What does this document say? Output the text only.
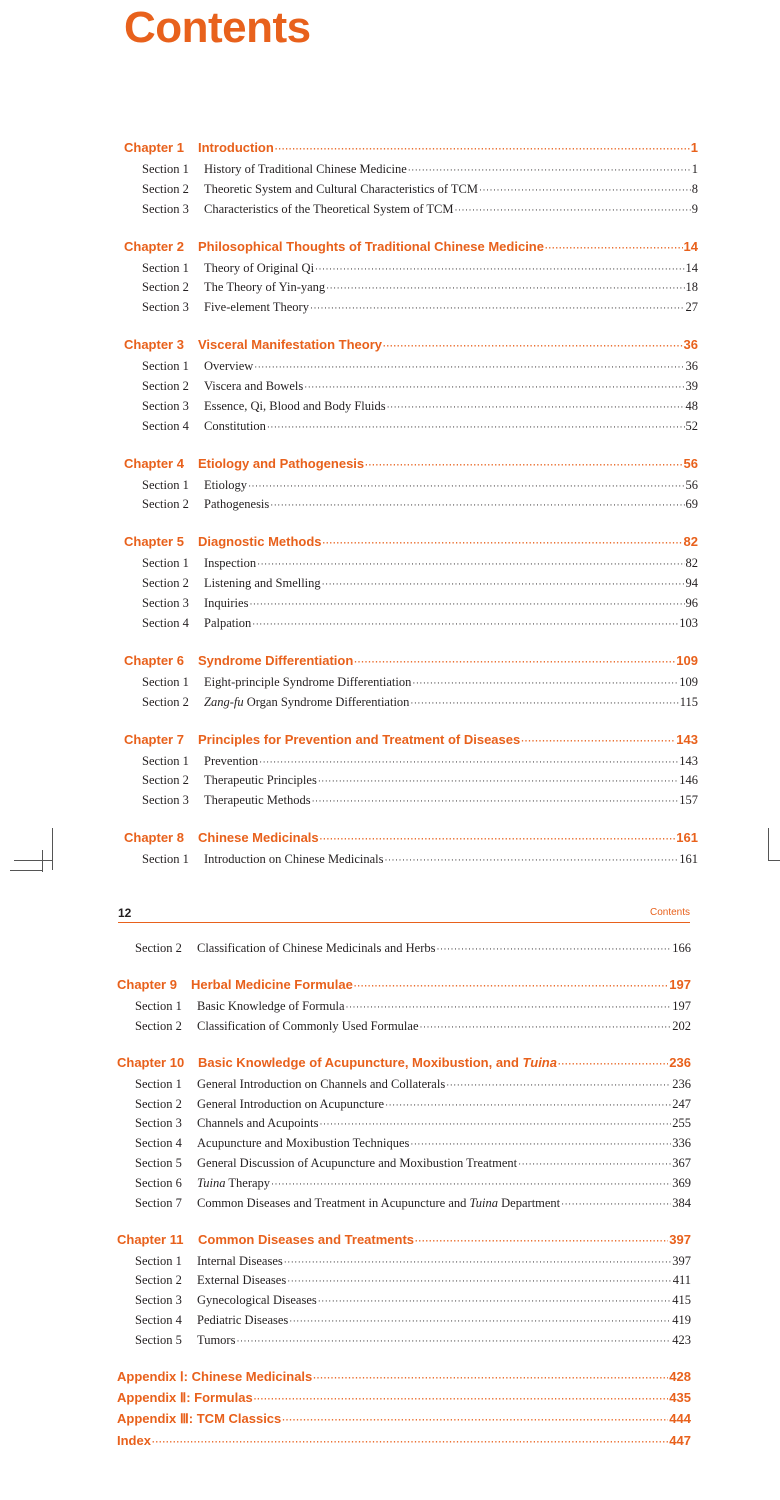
Contents
Chapter 1	Introduction ·····	1
Section 1	History of Traditional Chinese Medicine ·····	1
Section 2	Theoretic System and Cultural Characteristics of TCM ·····	8
Section 3	Characteristics of the Theoretical System of TCM ·····	9
Chapter 2	Philosophical Thoughts of Traditional Chinese Medicine ·····	14
Section 1	Theory of Original Qi ·····	14
Section 2	The Theory of Yin-yang ·····	18
Section 3	Five-element Theory ·····	27
Chapter 3	Visceral Manifestation Theory ·····	36
Section 1	Overview ·····	36
Section 2	Viscera and Bowels ·····	39
Section 3	Essence, Qi, Blood and Body Fluids ·····	48
Section 4	Constitution ·····	52
Chapter 4	Etiology and Pathogenesis ·····	56
Section 1	Etiology ·····	56
Section 2	Pathogenesis ·····	69
Chapter 5	Diagnostic Methods ·····	82
Section 1	Inspection ·····	82
Section 2	Listening and Smelling ·····	94
Section 3	Inquiries ·····	96
Section 4	Palpation ·····	103
Chapter 6	Syndrome Differentiation ·····	109
Section 1	Eight-principle Syndrome Differentiation ·····	109
Section 2	Zang-fu Organ Syndrome Differentiation ·····	115
Chapter 7	Principles for Prevention and Treatment of Diseases ·····	143
Section 1	Prevention ·····	143
Section 2	Therapeutic Principles ·····	146
Section 3	Therapeutic Methods ·····	157
Chapter 8	Chinese Medicinals ·····	161
Section 1	Introduction on Chinese Medicinals ·····	161
12	Contents
Section 2	Classification of Chinese Medicinals and Herbs ·····	166
Chapter 9	Herbal Medicine Formulae ·····	197
Section 1	Basic Knowledge of Formula ·····	197
Section 2	Classification of Commonly Used Formulae ·····	202
Chapter 10	Basic Knowledge of Acupuncture, Moxibustion, and Tuina ·····	236
Section 1	General Introduction on Channels and Collaterals ·····	236
Section 2	General Introduction on Acupuncture ·····	247
Section 3	Channels and Acupoints ·····	255
Section 4	Acupuncture and Moxibustion Techniques ·····	336
Section 5	General Discussion of Acupuncture and Moxibustion Treatment ·····	367
Section 6	Tuina Therapy ·····	369
Section 7	Common Diseases and Treatment in Acupuncture and Tuina Department ·····	384
Chapter 11	Common Diseases and Treatments ·····	397
Section 1	Internal Diseases ·····	397
Section 2	External Diseases ·····	411
Section 3	Gynecological Diseases ·····	415
Section 4	Pediatric Diseases ·····	419
Section 5	Tumors ·····	423
Appendix Ⅰ: Chinese Medicinals ·····	428
Appendix Ⅱ: Formulas ·····	435
Appendix Ⅲ: TCM Classics ·····	444
Index ·····	447
